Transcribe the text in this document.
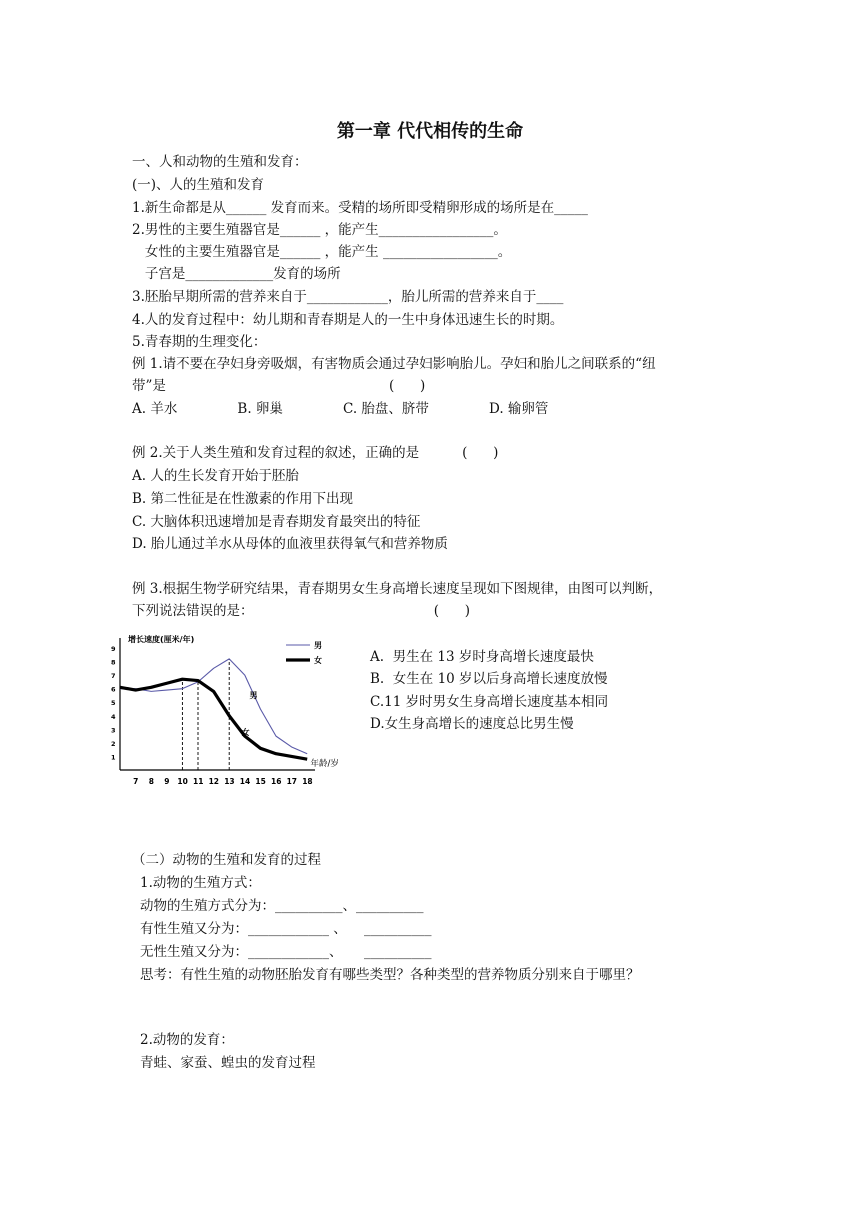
第一章 代代相传的生命
一、人和动物的生殖和发育：
(一)、人的生殖和发育
1.新生命都是从______ 发育而来。受精的场所即受精卵形成的场所是在_____
2.男性的主要生殖器官是______ ，能产生_________________。
女性的主要生殖器官是______ ，能产生 _________________。
子宫是_____________发育的场所
3.胚胎早期所需的营养来自于____________，胎儿所需的营养来自于____
4.人的发育过程中：幼儿期和青春期是人的一生中身体迅速生长的时期。
5.青春期的生理变化：
例 1.请不要在孕妇身旁吸烟，有害物质会通过孕妇影响胎儿。孕妇和胎儿之间联系的“纽
带”是                                                    (      )
A. 羊水              B. 卵巢              C. 胎盘、脐带              D. 输卵管
例 2.关于人类生殖和发育过程的叙述，正确的是          (      )
A. 人的生长发育开始于胚胎
B. 第二性征是在性激素的作用下出现
C. 大脑体积迅速增加是青春期发育最突出的特征
D. 胎儿通过羊水从母体的血液里获得氧气和营养物质
例 3.根据生物学研究结果，青春期男女生身高增长速度呈现如下图规律，由图可以判断，
下列说法错误的是：                                          (      )
增长速度(厘米/年)
年龄/岁
1
2
3
4
5
6
7
8
9
7 8 9 10 11 12 13 14 15 16 17 18
男
女
男
女
A.  男生在 13 岁时身高增长速度最快
B.  女生在 10 岁以后身高增长速度放慢
C.11 岁时男女生身高增长速度基本相同
D.女生身高增长的速度总比男生慢
（二）动物的生殖和发育的过程
1.动物的生殖方式：
动物的生殖方式分为：__________、__________
有性生殖又分为：____________ 、    __________
无性生殖又分为：____________、     __________
思考：有性生殖的动物胚胎发育有哪些类型？各种类型的营养物质分别来自于哪里？
2.动物的发育：
青蛙、家蚕、蝗虫的发育过程
